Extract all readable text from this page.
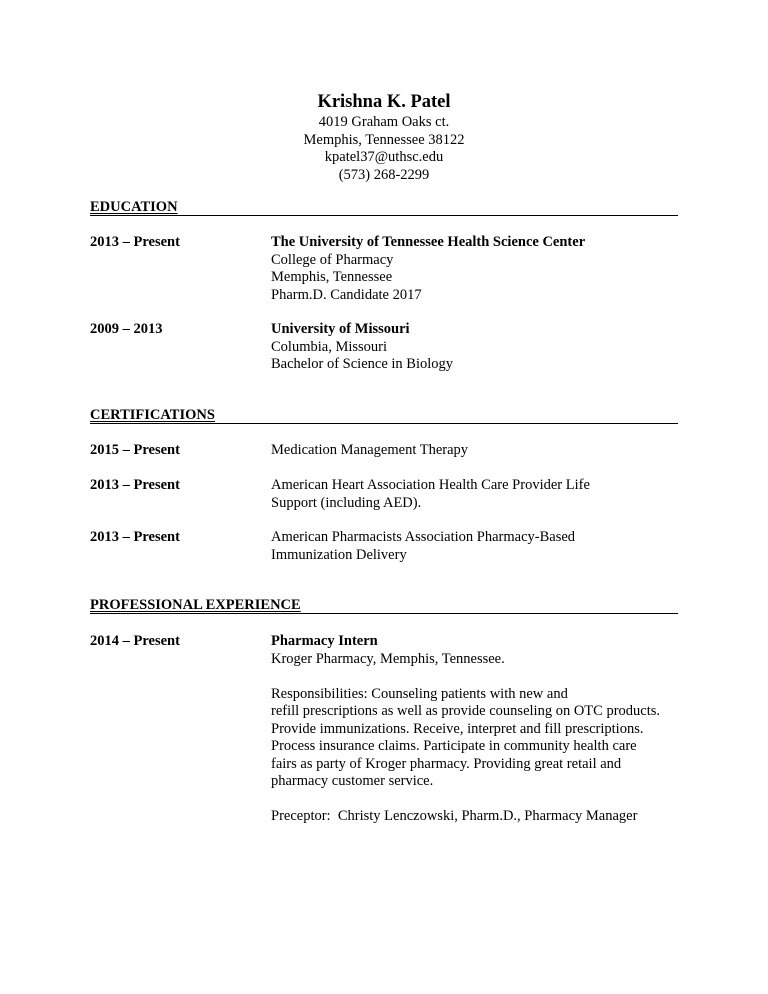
Krishna K. Patel
4019 Graham Oaks ct.
Memphis, Tennessee 38122
kpatel37@uthsc.edu
(573) 268-2299
EDUCATION
2013 – Present	The University of Tennessee Health Science Center
College of Pharmacy
Memphis, Tennessee
Pharm.D. Candidate 2017
2009 – 2013	University of Missouri
Columbia, Missouri
Bachelor of Science in Biology
CERTIFICATIONS
2015 – Present	Medication Management Therapy
2013 – Present	American Heart Association Health Care Provider Life
Support (including AED).
2013 – Present	American Pharmacists Association Pharmacy-Based
Immunization Delivery
PROFESSIONAL EXPERIENCE
2014 – Present	Pharmacy Intern
Kroger Pharmacy, Memphis, Tennessee.
Responsibilities: Counseling patients with new and
refill prescriptions as well as provide counseling on OTC products.
Provide immunizations. Receive, interpret and fill prescriptions.
Process insurance claims. Participate in community health care
fairs as party of Kroger pharmacy. Providing great retail and
pharmacy customer service.
Preceptor:  Christy Lenczowski, Pharm.D., Pharmacy Manager
